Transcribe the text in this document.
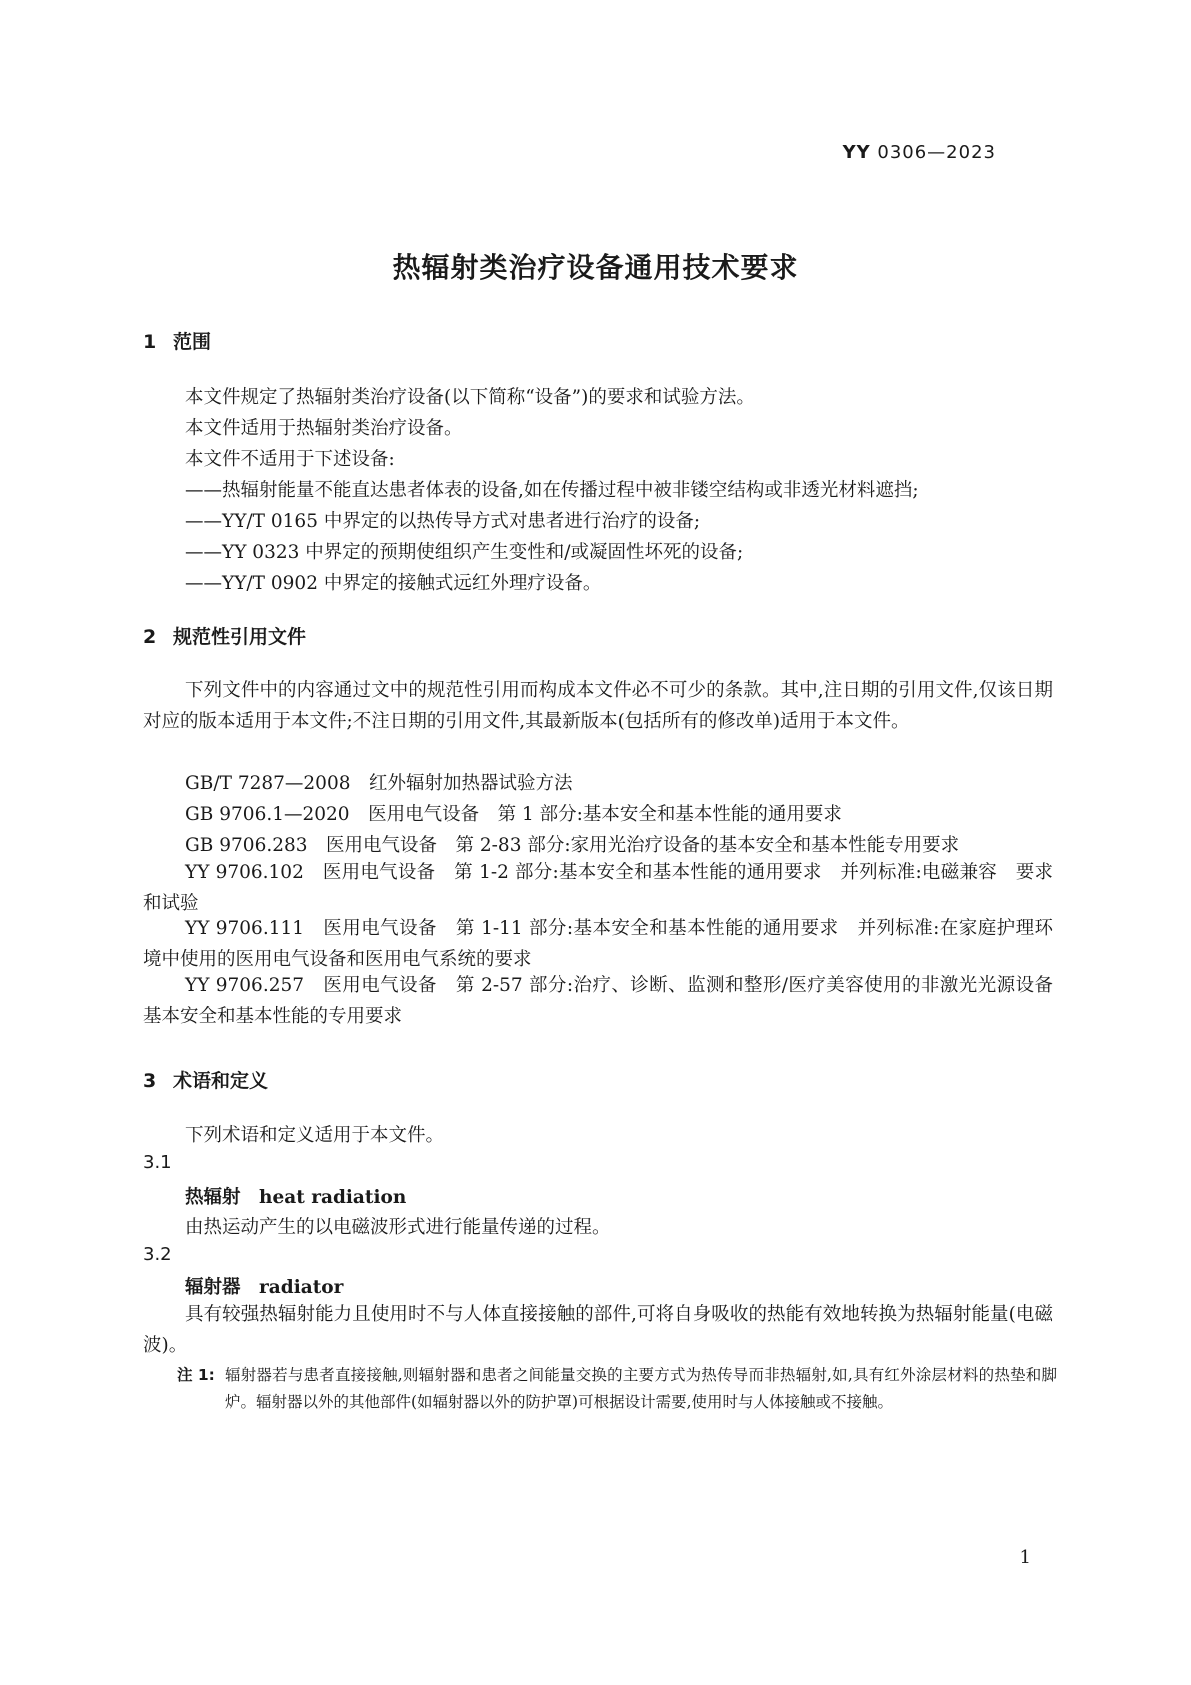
YY 0306—2023
热辐射类治疗设备通用技术要求
1 范围
本文件规定了热辐射类治疗设备(以下简称“设备”)的要求和试验方法。
本文件适用于热辐射类治疗设备。
本文件不适用于下述设备:
——热辐射能量不能直达患者体表的设备,如在传播过程中被非镂空结构或非透光材料遮挡;
——YY/T 0165 中界定的以热传导方式对患者进行治疗的设备;
——YY 0323 中界定的预期使组织产生变性和/或凝固性坏死的设备;
——YY/T 0902 中界定的接触式远红外理疗设备。
2 规范性引用文件
下列文件中的内容通过文中的规范性引用而构成本文件必不可少的条款。其中,注日期的引用文件,仅该日期对应的版本适用于本文件;不注日期的引用文件,其最新版本(包括所有的修改单)适用于本文件。
GB/T 7287—2008　红外辐射加热器试验方法
GB 9706.1—2020　医用电气设备　第 1 部分:基本安全和基本性能的通用要求
GB 9706.283　医用电气设备　第 2-83 部分:家用光治疗设备的基本安全和基本性能专用要求
YY 9706.102　医用电气设备　第 1-2 部分:基本安全和基本性能的通用要求　并列标准:电磁兼容　要求和试验
YY 9706.111　医用电气设备　第 1-11 部分:基本安全和基本性能的通用要求　并列标准:在家庭护理环境中使用的医用电气设备和医用电气系统的要求
YY 9706.257　医用电气设备　第 2-57 部分:治疗、诊断、监测和整形/医疗美容使用的非激光光源设备基本安全和基本性能的专用要求
3 术语和定义
下列术语和定义适用于本文件。
3.1
热辐射　 heat radiation
由热运动产生的以电磁波形式进行能量传递的过程。
3.2
辐射器　 radiator
具有较强热辐射能力且使用时不与人体直接接触的部件,可将自身吸收的热能有效地转换为热辐射能量(电磁波)。
注 1: 辐射器若与患者直接接触,则辐射器和患者之间能量交换的主要方式为热传导而非热辐射,如,具有红外涂层材料的热垫和脚炉。辐射器以外的其他部件(如辐射器以外的防护罩)可根据设计需要,使用时与人体接触或不接触。
1
